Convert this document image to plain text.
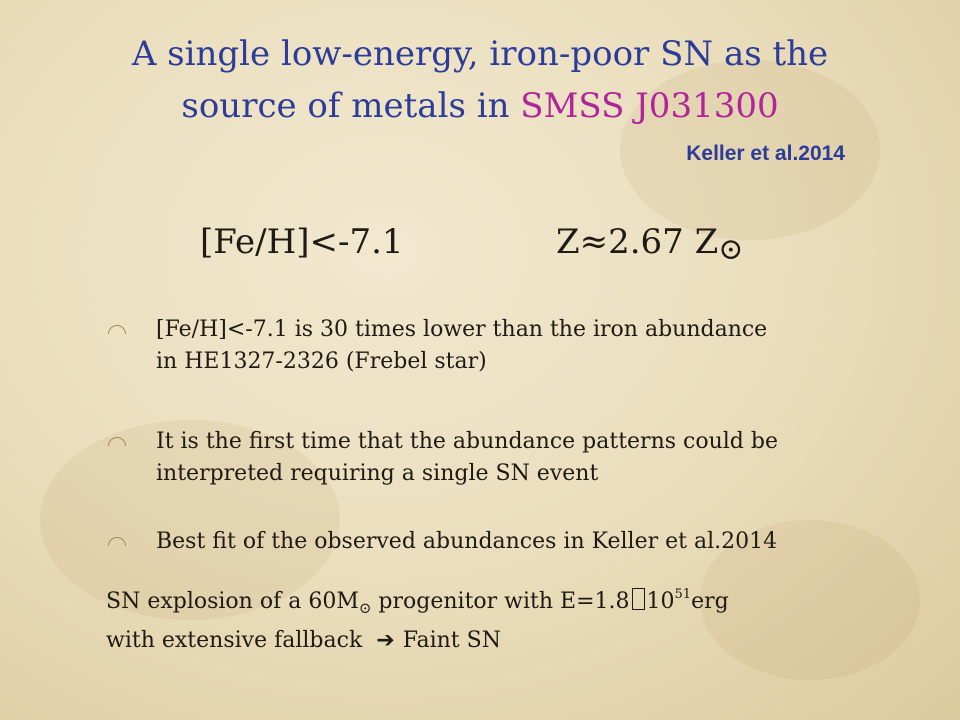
A single low-energy, iron-poor SN as the
source of metals in SMSS J031300
Keller et al.2014
[Fe/H]<-7.1	Z≈2.67 Z⊙
[Fe/H]<-7.1 is 30 times lower than the iron abundance
in HE1327-2326 (Frebel star)
It is the first time that the abundance patterns could be
interpreted requiring a single SN event
Best fit of the observed abundances in Keller et al.2014
SN explosion of a $60M_⊙$ progenitor with E=1.8 $10^{51}erg$
with extensive fallback ➔ Faint SN
